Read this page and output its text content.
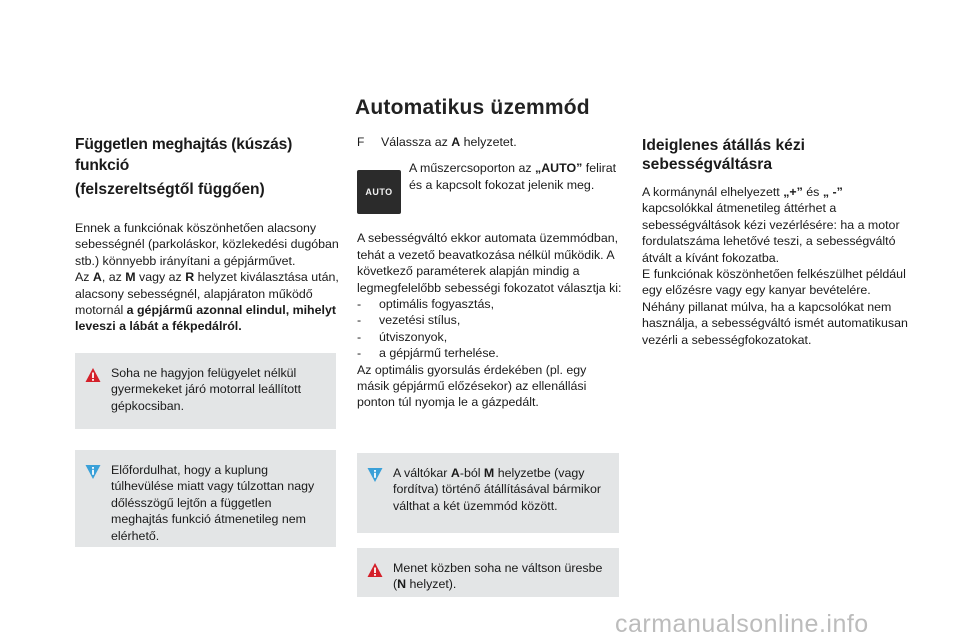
Automatikus üzemmód
Független meghajtás (kúszás) funkció
(felszereltségtől függően)

Ennek a funkciónak köszönhetően alacsony sebességnél (parkoláskor, közlekedési dugóban stb.) könnyebb irányítani a gépjárművet.

Az A, az M vagy az R helyzet kiválasztása után, alacsony sebességnél, alapjáraton működő motornál a gépjármű azonnal elindul, mihelyt leveszi a lábát a fékpedálról.

F	Válassza az A helyzetet.
AUTO

A műszercsoporton az „AUTO” felirat és a kapcsolt fokozat jelenik meg.

A sebességváltó ekkor automata üzemmódban, tehát a vezető beavatkozása nélkül működik. A következő paraméterek alapján mindig a legmegfelelőbb sebességi fokozatot választja ki:

-	optimális fogyasztás,
-	vezetési stílus,
-	útviszonyok,
-	a gépjármű terhelése.

Az optimális gyorsulás érdekében (pl. egy másik gépjármű előzésekor) az ellenállási ponton túl nyomja le a gázpedált.

Ideiglenes átállás kézi
sebességváltásra

A kormánynál elhelyezett „+” és „ -” kapcsolókkal átmenetileg áttérhet a sebességváltások kézi vezérlésére: ha a motor fordulatszáma lehetővé teszi, a sebességváltó átvált a kívánt fokozatba.

E funkciónak köszönhetően felkészülhet például egy előzésre vagy egy kanyar bevételére.

Néhány pillanat múlva, ha a kapcsolókat nem használja, a sebességváltó ismét automatikusan vezérli a sebességfokozatokat.

Soha ne hagyjon felügyelet nélkül gyermekeket járó motorral leállított gépkocsiban.

Előfordulhat, hogy a kuplung túlhevülése miatt vagy túlzottan nagy dőlésszögű lejtőn a független meghajtás funkció átmenetileg nem elérhető.

A váltókar A-ból M helyzetbe (vagy fordítva) történő átállításával bármikor válthat a két üzemmód között.

Menet közben soha ne váltson üresbe (N helyzet).

carmanualsonline.info
